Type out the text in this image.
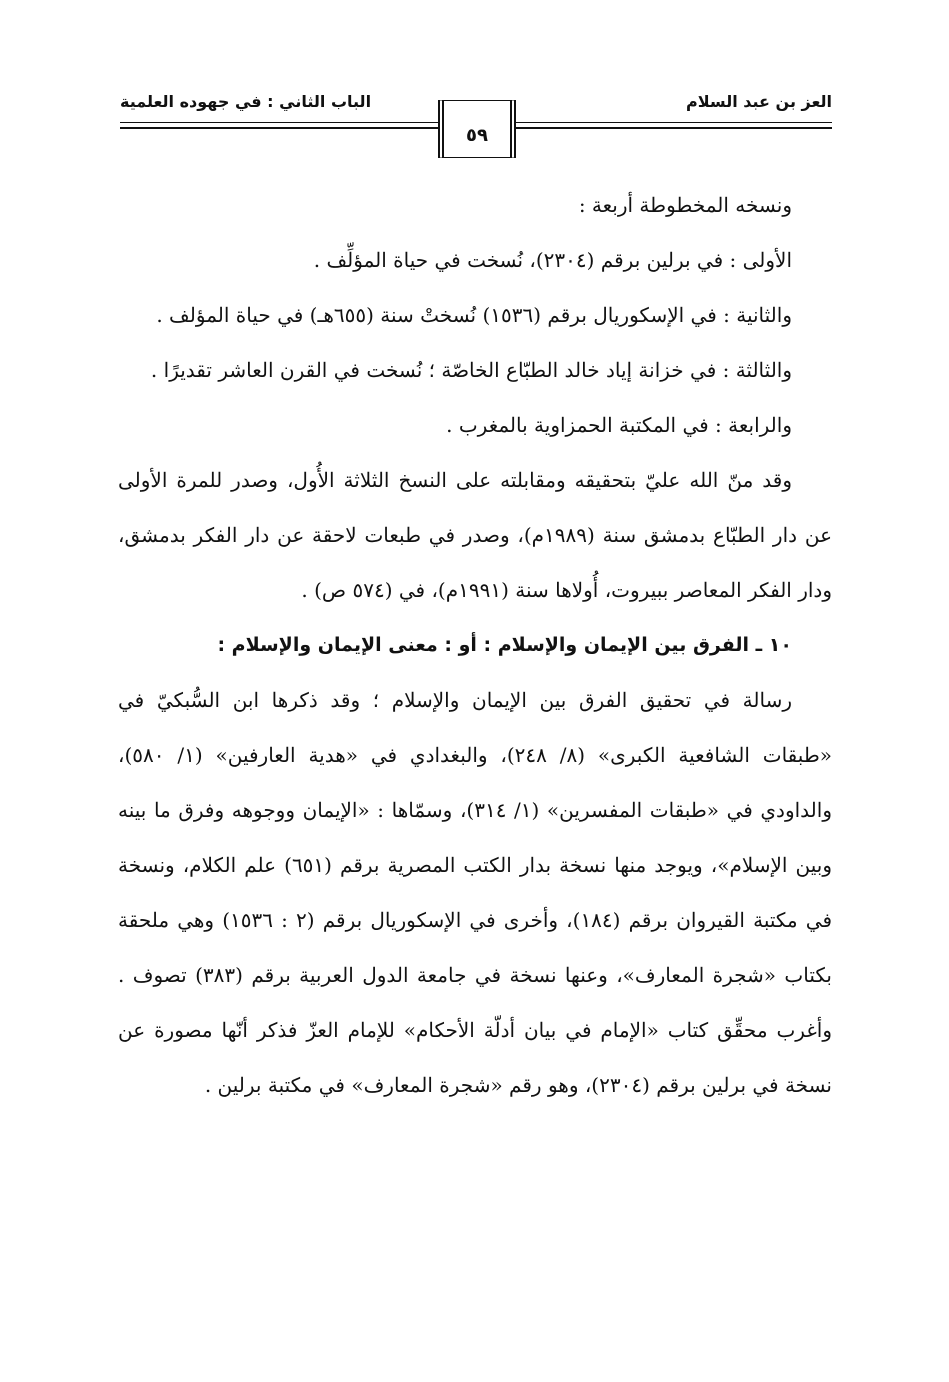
الباب الثاني : في جهوده العلمية	العز بن عبد السلام
٥٩

ونسخه المخطوطة أربعة :

الأولى : في برلين برقم (٢٣٠٤)، نُسخت في حياة المؤلِّف .

والثانية : في الإسكوريال برقم (١٥٣٦) نُسختْ سنة (٦٥٥هـ) في حياة المؤلف .

والثالثة : في خزانة إياد خالد الطبّاع الخاصّة ؛ نُسخت في القرن العاشر تقديرًا .

والرابعة : في المكتبة الحمزاوية بالمغرب .

وقد منّ الله عليّ بتحقيقه ومقابلته على النسخ الثلاثة الأُول، وصدر للمرة الأولى عن دار الطبّاع بدمشق سنة (١٩٨٩م)، وصدر في طبعات لاحقة عن دار الفكر بدمشق، ودار الفكر المعاصر ببيروت، أُولاها سنة (١٩٩١م)، في (٥٧٤ ص) .

١٠ ـ الفرق بين الإيمان والإسلام : أو : معنى الإيمان والإسلام :

رسالة في تحقيق الفرق بين الإيمان والإسلام ؛ وقد ذكرها ابن السُّبكيّ في «طبقات الشافعية الكبرى» (٨/ ٢٤٨)، والبغدادي في «هدية العارفين» (١/ ٥٨٠)، والداودي في «طبقات المفسرين» (١/ ٣١٤)، وسمّاها : «الإيمان ووجوهه وفرق ما بينه وبين الإسلام»، ويوجد منها نسخة بدار الكتب المصرية برقم (٦٥١) علم الكلام، ونسخة في مكتبة القيروان برقم (١٨٤)، وأخرى في الإسكوريال برقم (٢ : ١٥٣٦) وهي ملحقة بكتاب «شجرة المعارف»، وعنها نسخة في جامعة الدول العربية برقم (٣٨٣) تصوف . وأغرب محقِّق كتاب «الإمام في بيان أدلّة الأحكام» للإمام العزّ فذكر أنّها مصورة عن نسخة في برلين برقم (٢٣٠٤)، وهو رقم «شجرة المعارف» في مكتبة برلين .
